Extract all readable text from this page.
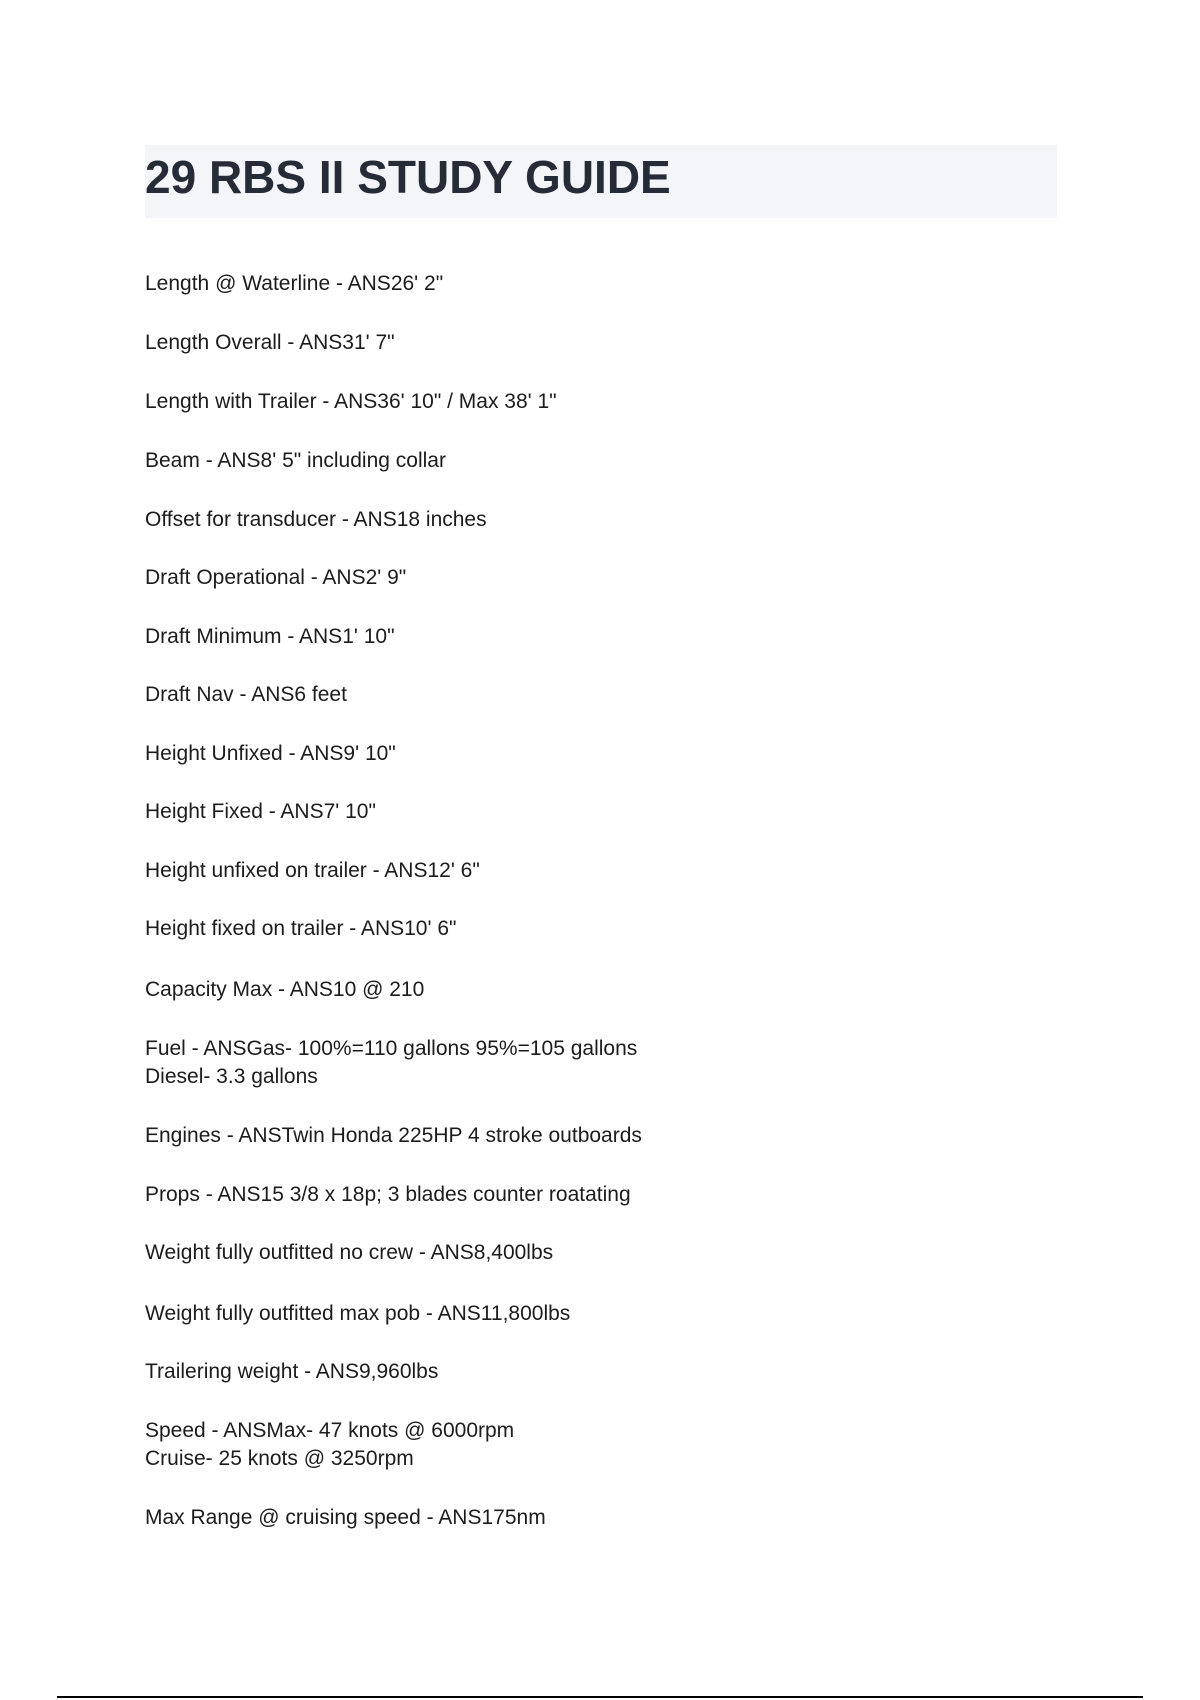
29 RBS II STUDY GUIDE
Length @ Waterline - ANS26' 2"
Length Overall - ANS31' 7"
Length with Trailer - ANS36' 10" / Max 38' 1"
Beam - ANS8' 5" including collar
Offset for transducer - ANS18 inches
Draft Operational - ANS2' 9"
Draft Minimum - ANS1' 10"
Draft Nav - ANS6 feet
Height Unfixed - ANS9' 10"
Height Fixed - ANS7' 10"
Height unfixed on trailer - ANS12' 6"
Height fixed on trailer - ANS10' 6"
Capacity Max - ANS10 @ 210
Fuel - ANSGas- 100%=110 gallons 95%=105 gallons
Diesel- 3.3 gallons
Engines - ANSTwin Honda 225HP 4 stroke outboards
Props - ANS15 3/8 x 18p; 3 blades counter roatating
Weight fully outfitted no crew - ANS8,400lbs
Weight fully outfitted max pob - ANS11,800lbs
Trailering weight - ANS9,960lbs
Speed - ANSMax- 47 knots @ 6000rpm
Cruise- 25 knots @ 3250rpm
Max Range @ cruising speed - ANS175nm
